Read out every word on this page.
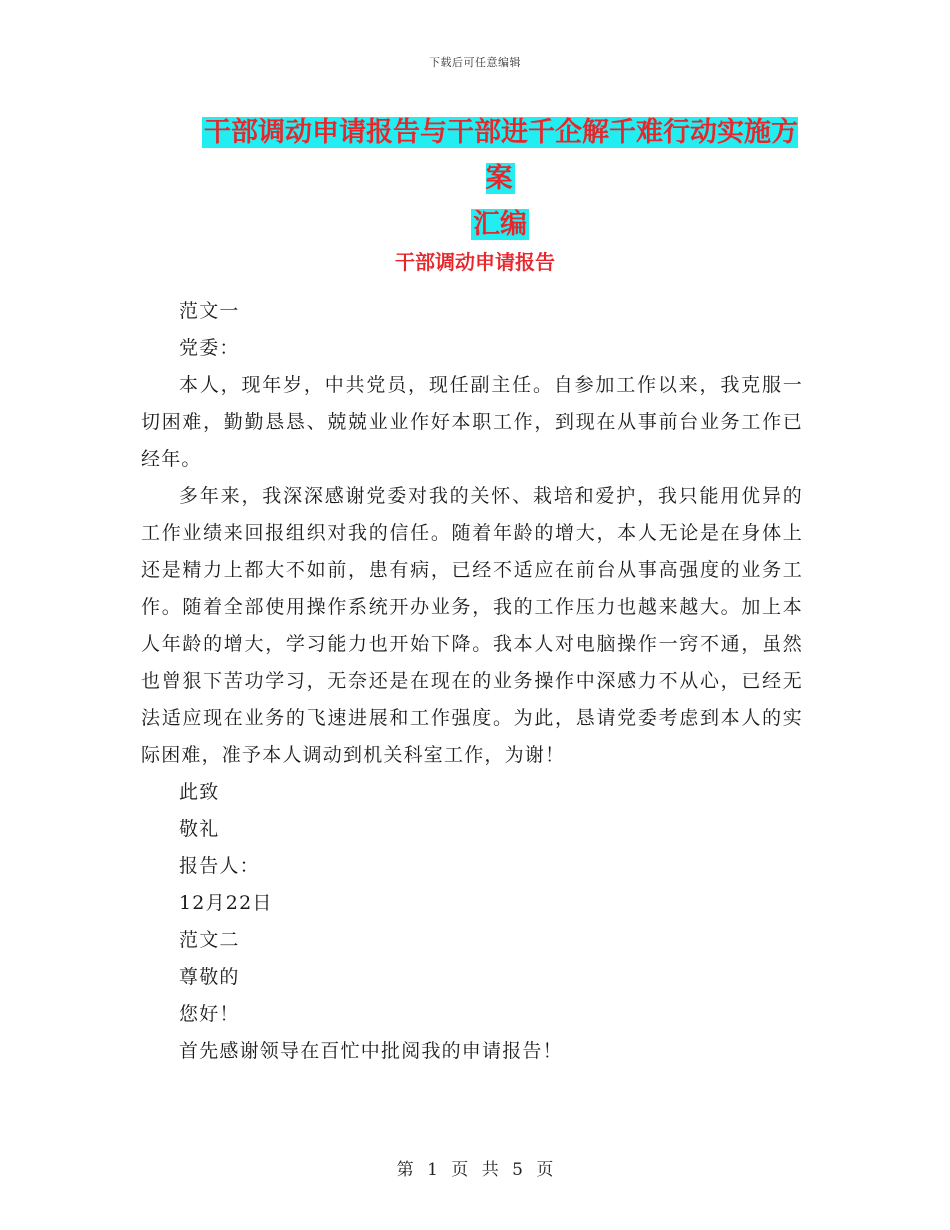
下载后可任意编辑
干部调动申请报告与干部进千企解千难行动实施方案
汇编
干部调动申请报告

范文一

党委：

本人，现年岁，中共党员，现任副主任。自参加工作以来，我克服一切困难，勤勤恳恳、兢兢业业作好本职工作，到现在从事前台业务工作已经年。

多年来，我深深感谢党委对我的关怀、栽培和爱护，我只能用优异的工作业绩来回报组织对我的信任。随着年龄的增大，本人无论是在身体上还是精力上都大不如前，患有病，已经不适应在前台从事高强度的业务工作。随着全部使用操作系统开办业务，我的工作压力也越来越大。加上本人年龄的增大，学习能力也开始下降。我本人对电脑操作一窍不通，虽然也曾狠下苦功学习，无奈还是在现在的业务操作中深感力不从心，已经无法适应现在业务的飞速进展和工作强度。为此，恳请党委考虑到本人的实际困难，准予本人调动到机关科室工作，为谢！

此致

敬礼

报告人：

12月22日

范文二

尊敬的

您好！

首先感谢领导在百忙中批阅我的申请报告！

第 1 页 共 5 页
